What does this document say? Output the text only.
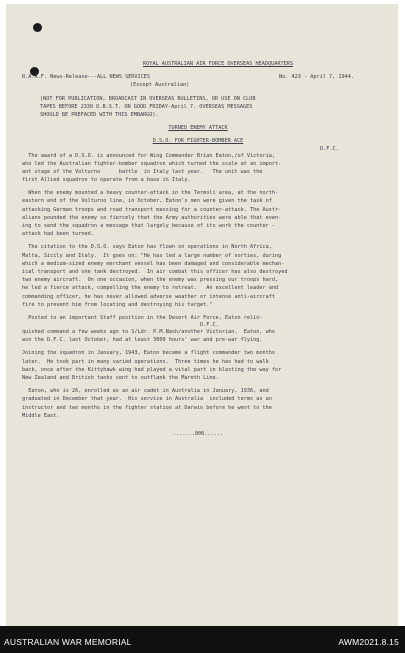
ROYAL AUSTRALIAN AIR FORCE OVERSEAS HEADQUARTERS
R.A.A.F. News-Release---ALL NEWS SERVICES	No. 423 - April 7, 1944.
(Except Australian)
(NOT FOR PUBLICATION, BROADCAST IN OVERSEAS BULLETINS, OR USE ON CLUB
TAPES BEFORE 2330 D.B.S.T. ON GOOD FRIDAY-April 7. OVERSEAS MESSAGES
SHOULD BE PREFACED WITH THIS EMBARGO).
TURNED ENEMY ATTACK
D.S.O. FOR FIGHTER-BOMBER ACE
D.F.C.
The award of a D.S.O. is announced for Wing Commander Brian Eaton,/of Victoria,
who led the Australian fighter-bomber squadron which turned the scale at an import-
ant stage of the Volturno      battle  in Italy last year.   The unit was the
first Allied squadron to operate from a base in Italy.
When the enemy mounted a heavy counter-attack in the Termoli area, at the north-
eastern end of the Volturno line, in October, Eaton's men were given the task of
attacking German troops and road transport massing for a counter-attack. The Austr-
alians pounded the enemy so fiercely that the Army authorities were able that even-
ing to send the squadron a message that largely because of its work the counter -
attack had been turned.
The citation to the D.S.O. says Eaton has flown on operations in North Africa,
Malta, Sicily and Italy.  It goes on: "He has led a large number of sorties, during
which a medium-sized enemy merchant vessel has been damaged and considerable mechan-
ical transport and one tank destroyed.  In air combat this officer has also destroyed
two enemy aircraft.  On one occasion, when the enemy was pressing our troops hard,
he led a fierce attack, compelling the enemy to retreat.   An excellent leader and
commanding officer, he has never allowed adverse weather or intense anti-aircraft
fire to prevent him from locating and destroying his target."
Posted to an important Staff position in the Desert Air Force, Eaton relin-
D.F.C.
quished command a few weeks ago to S/Ldr. P.M.Nash/another Victorian.  Eaton, who
won the D.F.C. last October, had at least 3000 hours' war and pre-war flying.
Joining the squadron in January, 1943, Eaton became a flight commander two months
later.  He took part in many varied operations.  Three times he has had to walk
back, once after the Kittyhawk wing had played a vital part in blasting the way for
New Zealand and British tanks sent to outflank the Mareth Line.
Eaton, who is 26, enrolled as an air cadet in Australia in January, 1936, and
graduated in December that year.  His service in Australia  included terms as an
instructor and two months in the fighter station at Darwin before he went to the
Middle East.
.......000......
AUSTRALIAN WAR MEMORIAL	AWM2021.8.15
